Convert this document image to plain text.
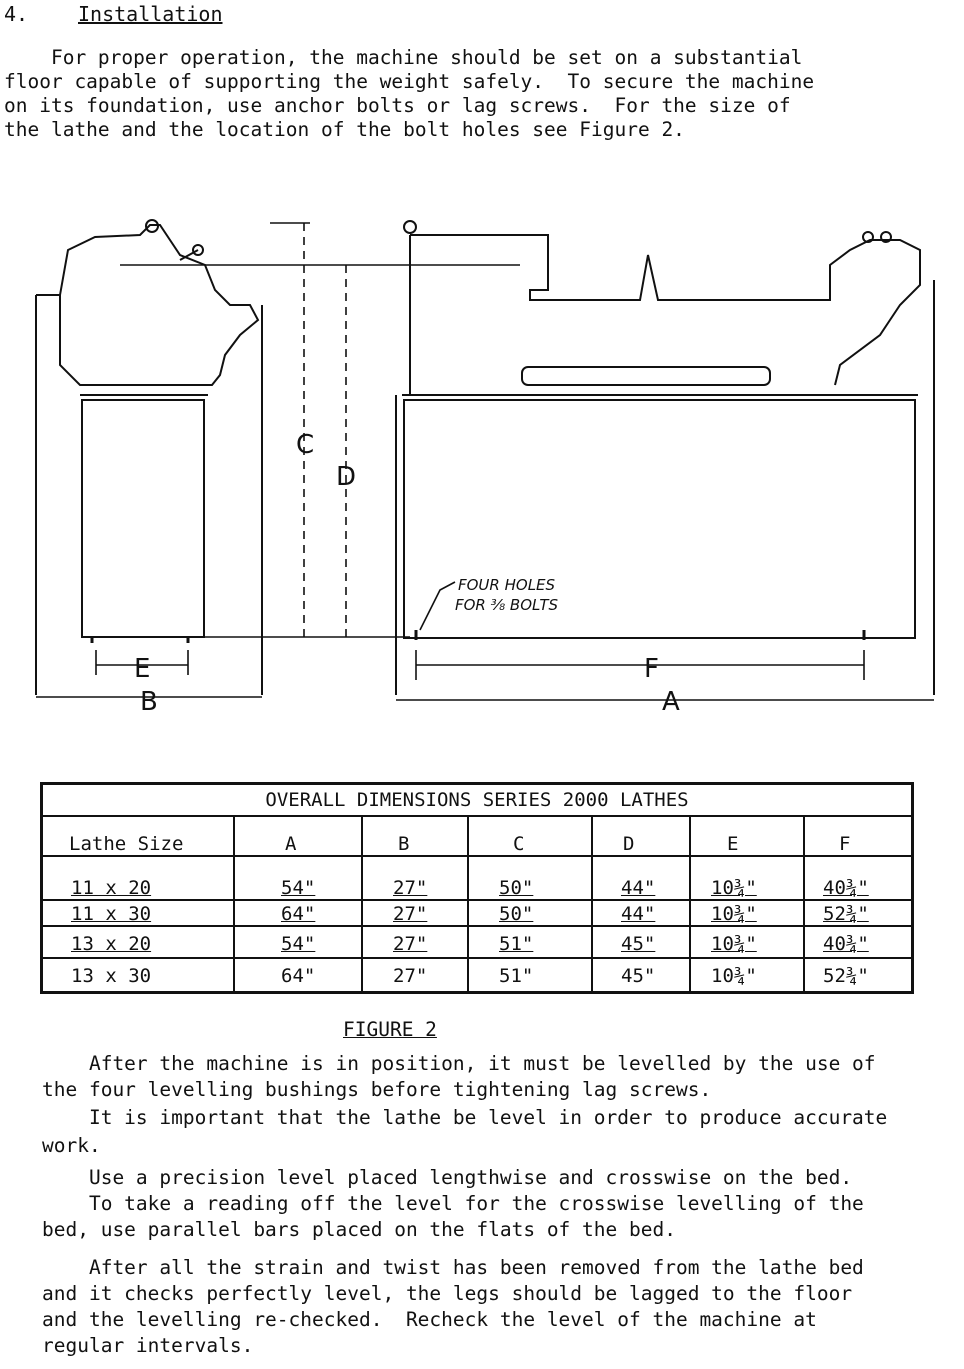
4. Installation
For proper operation, the machine should be set on a substantial
floor capable of supporting the weight safely.  To secure the machine
on its foundation, use anchor bolts or lag screws.  For the size of
the lathe and the location of the bolt holes see Figure 2.
C
D
E
B
F
A
FOUR HOLES
FOR ⅜ BOLTS
OVERALL DIMENSIONS SERIES 2000 LATHES
Lathe Size	A	B	C	D	E	F
11 x 20	54"	27"	50"	44"	10¾"	40¾"
11 x 30	64"	27"	50"	44"	10¾"	52¾"
13 x 20	54"	27"	51"	45"	10¾"	40¾"
13 x 30	64"	27"	51"	45"	10¾"	52¾"
FIGURE 2
After the machine is in position, it must be levelled by the use of
the four levelling bushings before tightening lag screws.
It is important that the lathe be level in order to produce accurate
work.
Use a precision level placed lengthwise and crosswise on the bed.
To take a reading off the level for the crosswise levelling of the
bed, use parallel bars placed on the flats of the bed.
After all the strain and twist has been removed from the lathe bed
and it checks perfectly level, the legs should be lagged to the floor
and the levelling re-checked.  Recheck the level of the machine at
regular intervals.
